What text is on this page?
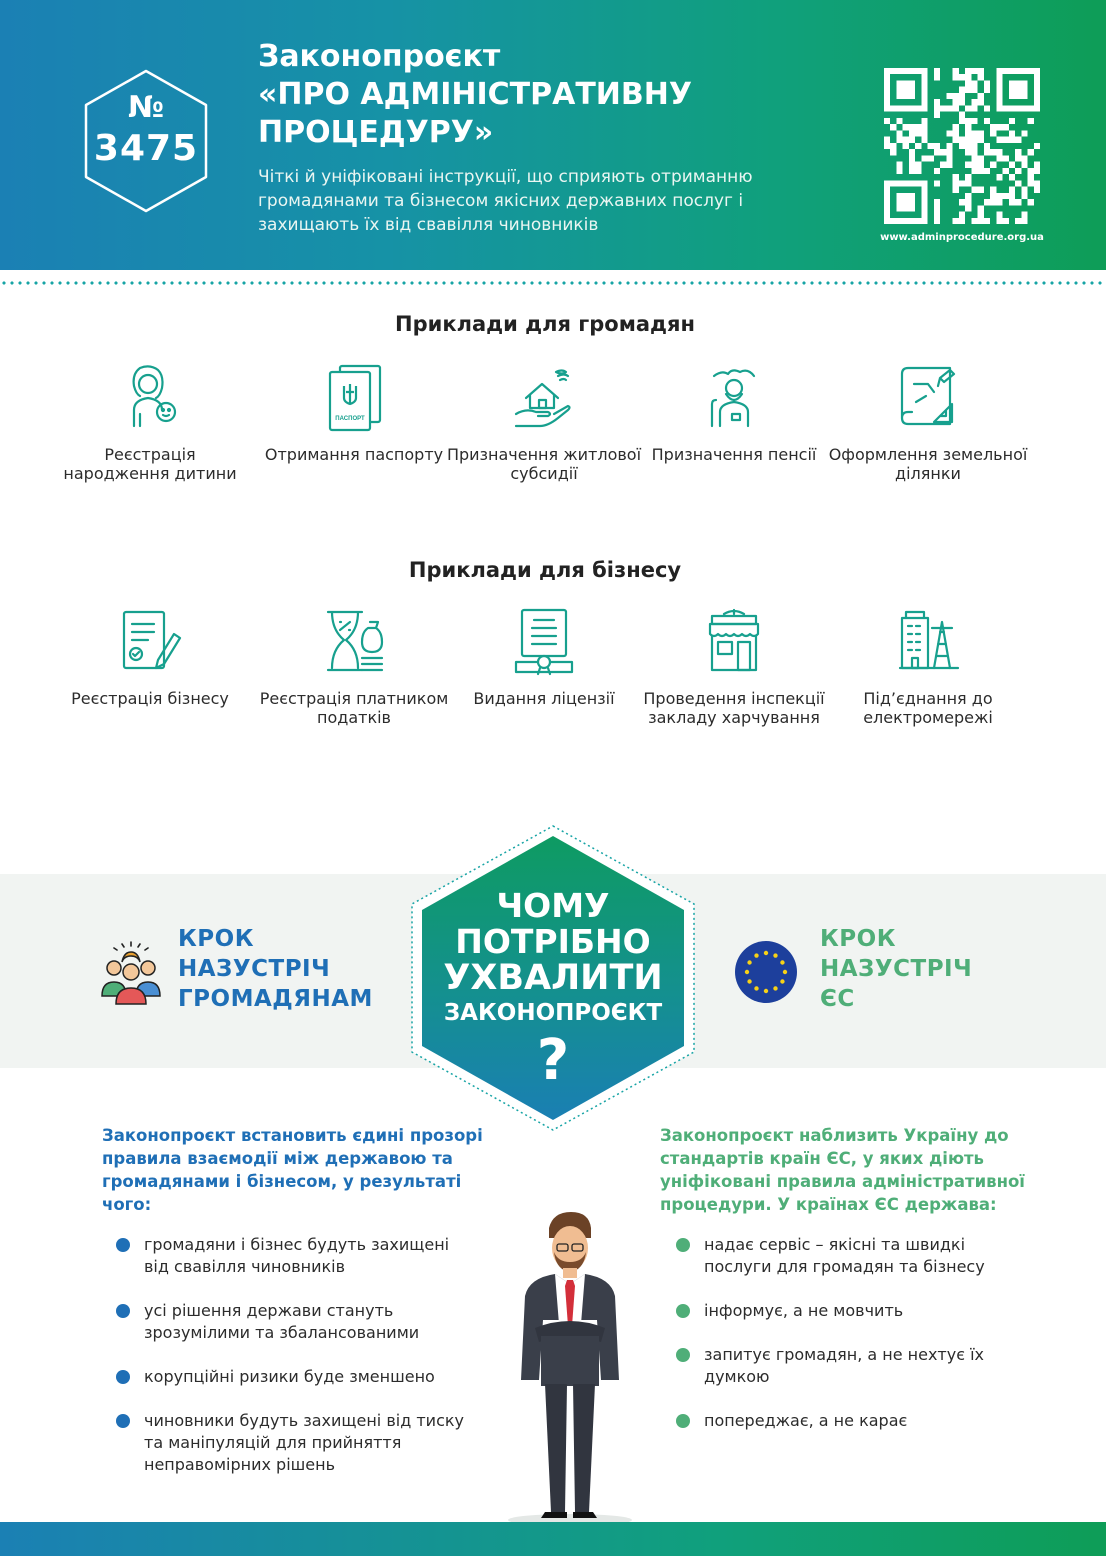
№
3475
Законопроєкт
«ПРО АДМІНІСТРАТИВНУ
ПРОЦЕДУРУ»
Чіткі й уніфіковані інструкції, що сприяють отриманню громадянами та бізнесом якісних державних послуг і захищають їх від свавілля чиновників
www.adminprocedure.org.ua
Приклади для громадян
Реєстрація народження дитини
ПАСПОРТ
Отримання паспорту Призначення житлової субсидії
Призначення пенсії Оформлення земельної ділянки
Приклади для бізнесу
Реєстрація бізнесу	Реєстрація платником податків
Видання ліцензії	Проведення інспекції закладу харчування
Під’єднання до електромережі
КРОК
НАЗУСТРІЧ
ГРОМАДЯНАМ
КРОК
НАЗУСТРІЧ
ЄС
ЧОМУ
ПОТРІБНО
УХВАЛИТИ
ЗАКОНОПРОЄКТ
?
Законопроєкт встановить єдині прозорі правила взаємодії між державою та громадянами і бізнесом, у результаті чого:
громадяни і бізнес будуть захищені від свавілля чиновників
усі рішення держави стануть зрозумілими та збалансованими
корупційні ризики буде зменшено
чиновники будуть захищені від тиску та маніпуляцій для прийняття неправомірних рішень
Законопроєкт наблизить Україну до стандартів країн ЄС, у яких діють уніфіковані правила адміністративної процедури. У країнах ЄС держава:
надає сервіс – якісні та швидкі послуги для громадян та бізнесу
інформує, а не мовчить
запитує громадян, а не нехтує їх думкою
попереджає, а не карає
